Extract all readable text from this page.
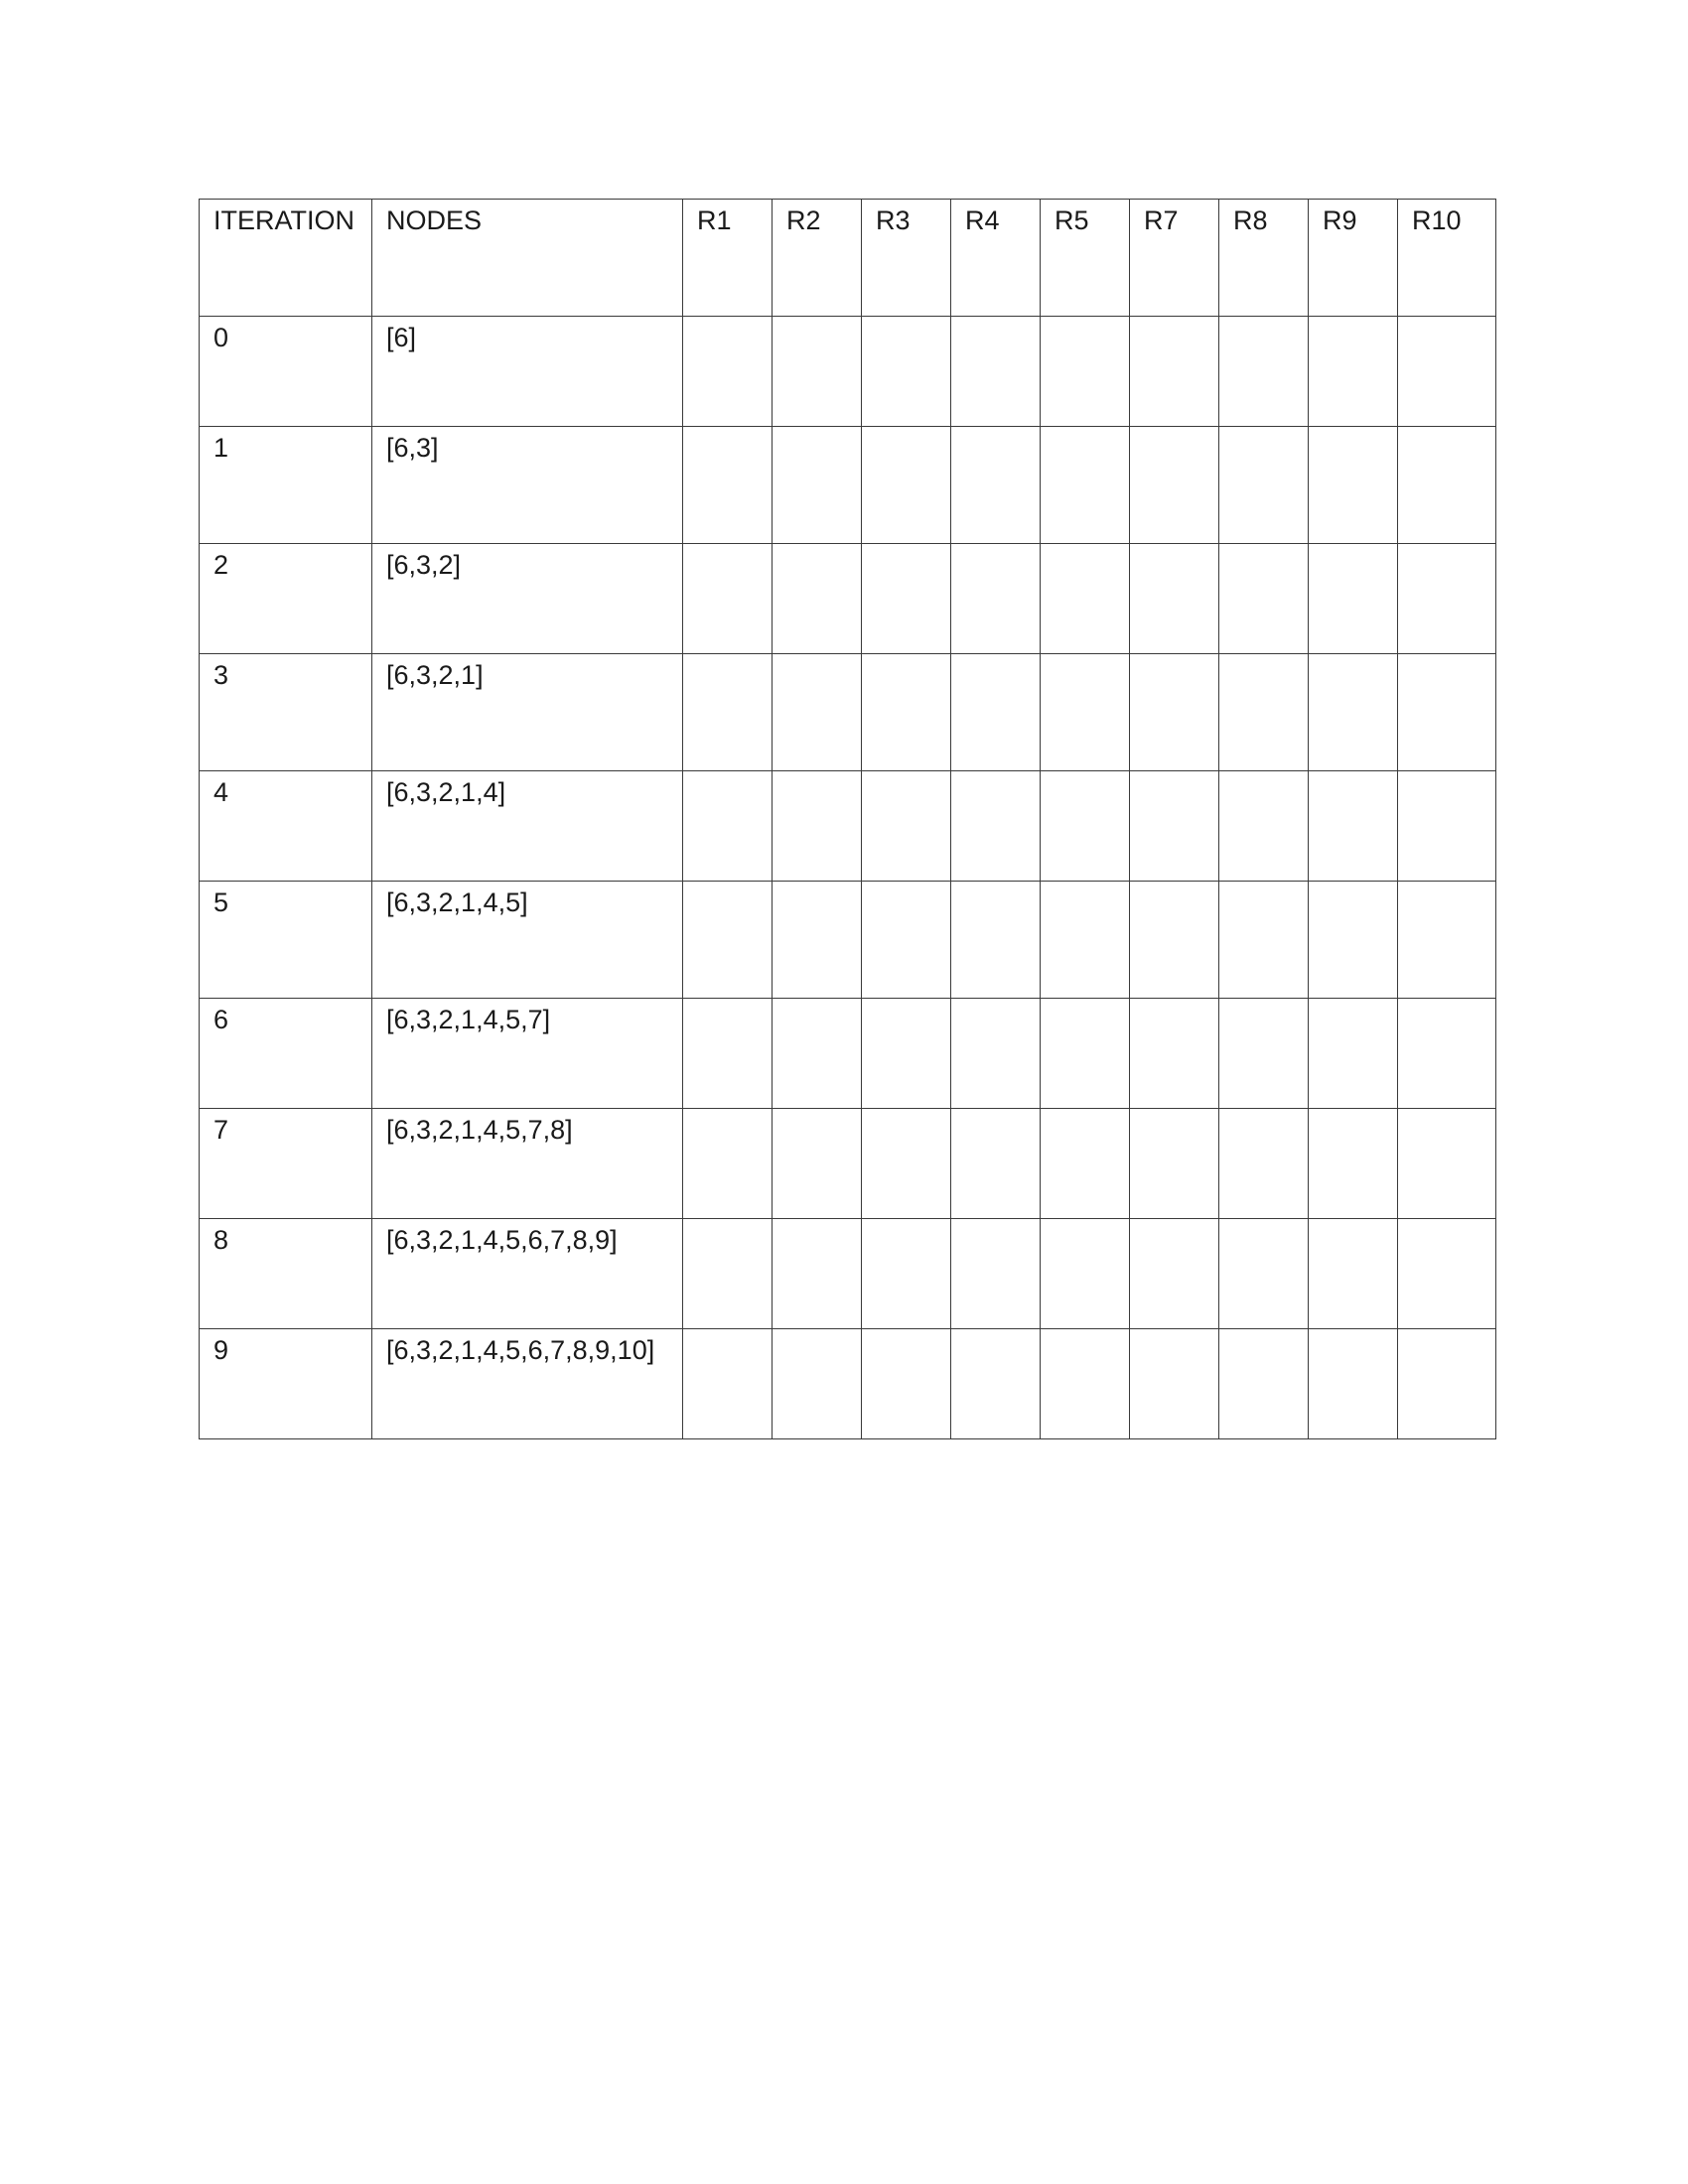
ITERATION	NODES	R1	R2	R3	R4	R5	R7	R8	R9	R10
0	[6]									
1	[6,3]									
2	[6,3,2]									
3	[6,3,2,1]									
4	[6,3,2,1,4]									
5	[6,3,2,1,4,5]									
6	[6,3,2,1,4,5,7]									
7	[6,3,2,1,4,5,7,8]									
8	[6,3,2,1,4,5,6,7,8,9]									
9	[6,3,2,1,4,5,6,7,8,9,10]									
